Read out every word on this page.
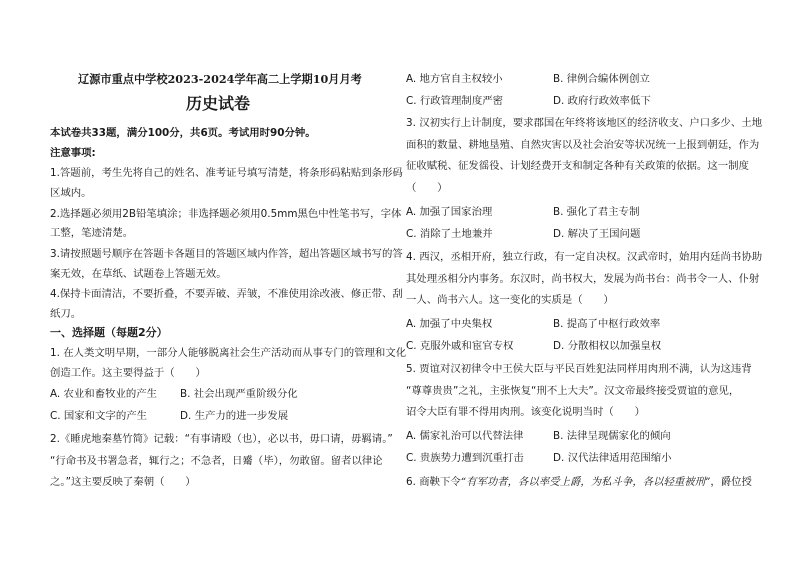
辽源市重点中学校2023-2024学年高二上学期10月月考
历史试卷
本试卷共33题，满分100分，共6页。考试用时90分钟。
注意事项:
1.答题前，考生先将自己的姓名、准考证号填写清楚，将条形码粘贴到条形码
区域内。
2.选择题必须用2B铅笔填涂；非选择题必须用0.5mm黑色中性笔书写，字体
工整，笔迹清楚。
3.请按照题号顺序在答题卡各题目的答题区域内作答，超出答题区域书写的答
案无效，在草纸、试题卷上答题无效。
4.保持卡面清洁，不要折叠，不要弄破、弄皱，不准使用涂改液、修正带、刮
纸刀。
一、选择题（每题2分）
1. 在人类文明早期，一部分人能够脱离社会生产活动而从事专门的管理和文化
创造工作。这主要得益于（　　）
A. 农业和畜牧业的产生 B. 社会出现严重阶级分化
C. 国家和文字的产生	D. 生产力的进一步发展
2.《睡虎地秦墓竹简》记载：“有事请殴（也），必以书，毋口请，毋羁请。”
“行命书及书署急者，辄行之；不急者，日觱（毕），勿敢留。留者以律论
之。”这主要反映了秦朝（　　）
A. 地方官自主权较小	B. 律例合编体例创立
C. 行政管理制度严密	D. 政府行政效率低下
3. 汉初实行上计制度，要求郡国在年终将该地区的经济收支、户口多少、土地
面积的数量、耕地垦殖、自然灾害以及社会治安等状况统一上报到朝廷，作为
征收赋税、征发徭役、计划经费开支和制定各种有关政策的依据。这一制度
（　　）
A. 加强了国家治理	B. 强化了君主专制
C. 消除了土地兼并	D. 解决了王国问题
4. 西汉，丞相开府，独立行政，有一定自决权。汉武帝时，始用内廷尚书协助
其处理丞相分内事务。东汉时，尚书权大，发展为尚书台：尚书令一人、仆射
一人、尚书六人。这一变化的实质是（　　）
A. 加强了中央集权	B. 提高了中枢行政效率
C. 克服外戚和宦官专权	D. 分散相权以加强皇权
5. 贾谊对汉初律令中王侯大臣与平民百姓犯法同样用肉刑不满，认为这违背
“尊尊贵贵”之礼，主张恢复“刑不上大夫”。汉文帝最终接受贾谊的意见，
诏令大臣有罪不得用肉刑。该变化说明当时（　　）
A. 儒家礼治可以代替法律	B. 法律呈现儒家化的倾向
C. 贵族势力遭到沉重打击	D. 汉代法律适用范围缩小
6. 商鞅下令“有军功者，各以率受上爵，为私斗争，各以轻重被刑”，爵位授
